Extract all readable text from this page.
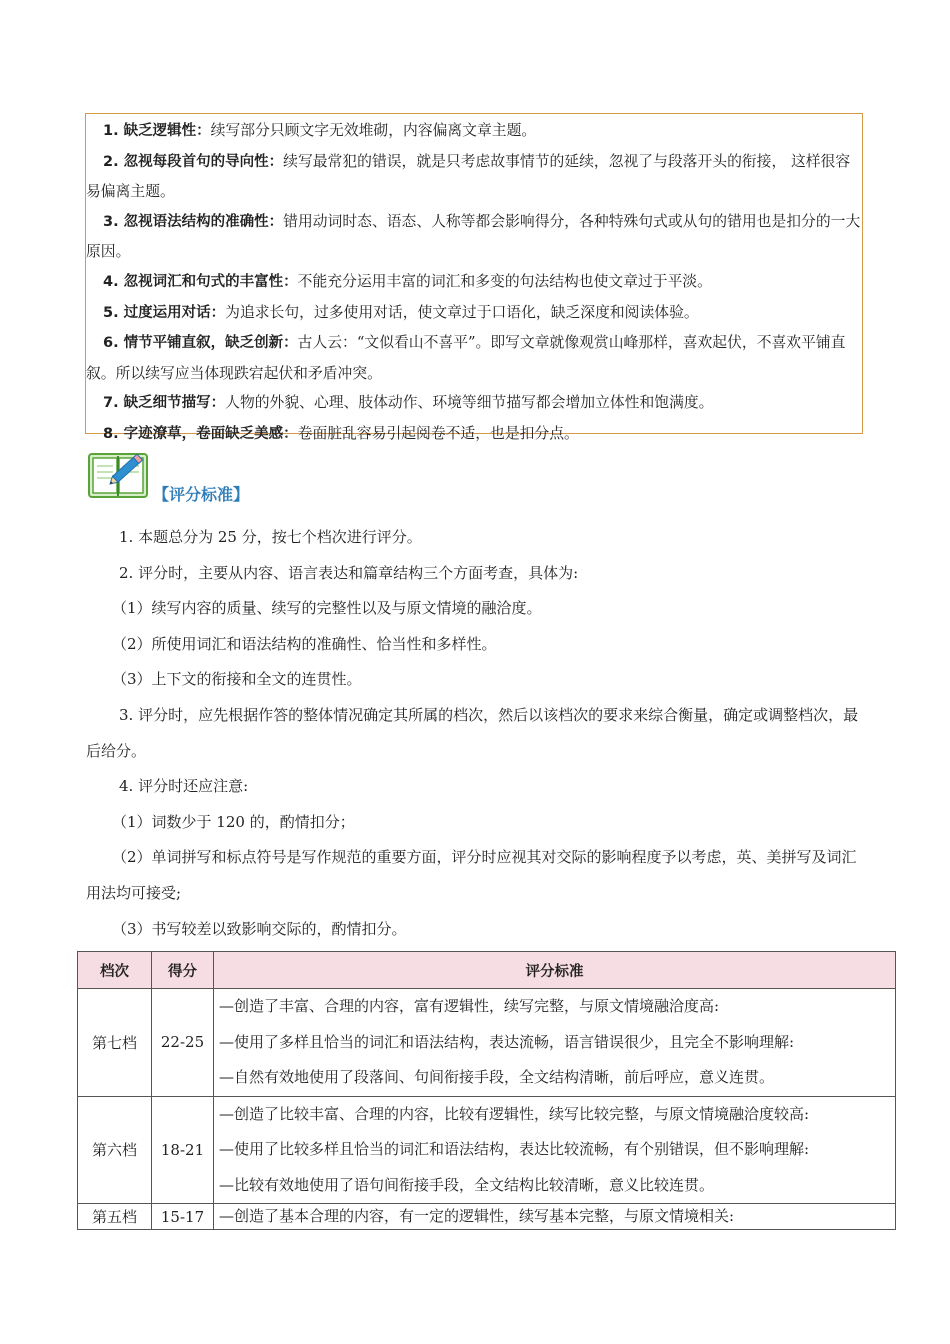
1. 缺乏逻辑性：续写部分只顾文字无效堆砌，内容偏离文章主题。

2. 忽视每段首句的导向性：续写最常犯的错误，就是只考虑故事情节的延续，忽视了与段落开头的衔接， 这样很容易偏离主题。

3. 忽视语法结构的准确性：错用动词时态、语态、人称等都会影响得分，各种特殊句式或从句的错用也是扣分的一大原因。

4. 忽视词汇和句式的丰富性：不能充分运用丰富的词汇和多变的句法结构也使文章过于平淡。

5. 过度运用对话：为追求长句，过多使用对话，使文章过于口语化，缺乏深度和阅读体验。

6. 情节平铺直叙，缺乏创新：古人云：“文似看山不喜平”。即写文章就像观赏山峰那样，喜欢起伏，不喜欢平铺直叙。所以续写应当体现跌宕起伏和矛盾冲突。

7. 缺乏细节描写：人物的外貌、心理、肢体动作、环境等细节描写都会增加立体性和饱满度。

8. 字迹潦草，卷面缺乏美感：卷面脏乱容易引起阅卷不适，也是扣分点。

【评分标准】

1. 本题总分为 25 分，按七个档次进行评分。

2. 评分时，主要从内容、语言表达和篇章结构三个方面考查，具体为:

（1）续写内容的质量、续写的完整性以及与原文情境的融洽度。

（2）所使用词汇和语法结构的准确性、恰当性和多样性。

（3）上下文的衔接和全文的连贯性。

3. 评分时，应先根据作答的整体情况确定其所属的档次，然后以该档次的要求来综合衡量，确定或调整档次，最后给分。

4. 评分时还应注意:

（1）词数少于 120 的，酌情扣分；

（2）单词拼写和标点符号是写作规范的重要方面，评分时应视其对交际的影响程度予以考虑，英、美拼写及词汇用法均可接受;

（3）书写较差以致影响交际的，酌情扣分。

档次	得分	评分标准
第七档	22-25	—创造了丰富、合理的内容，富有逻辑性，续写完整，与原文情境融洽度高:
—使用了多样且恰当的词汇和语法结构，表达流畅，语言错误很少，且完全不影响理解:
—自然有效地使用了段落间、句间衔接手段，全文结构清晰，前后呼应，意义连贯。

第六档	18-21	—创造了比较丰富、合理的内容，比较有逻辑性，续写比较完整，与原文情境融洽度较高:
—使用了比较多样且恰当的词汇和语法结构，表达比较流畅，有个别错误，但不影响理解:
—比较有效地使用了语句间衔接手段，全文结构比较清晰，意义比较连贯。

第五档	15-17	—创造了基本合理的内容，有一定的逻辑性，续写基本完整，与原文情境相关:
